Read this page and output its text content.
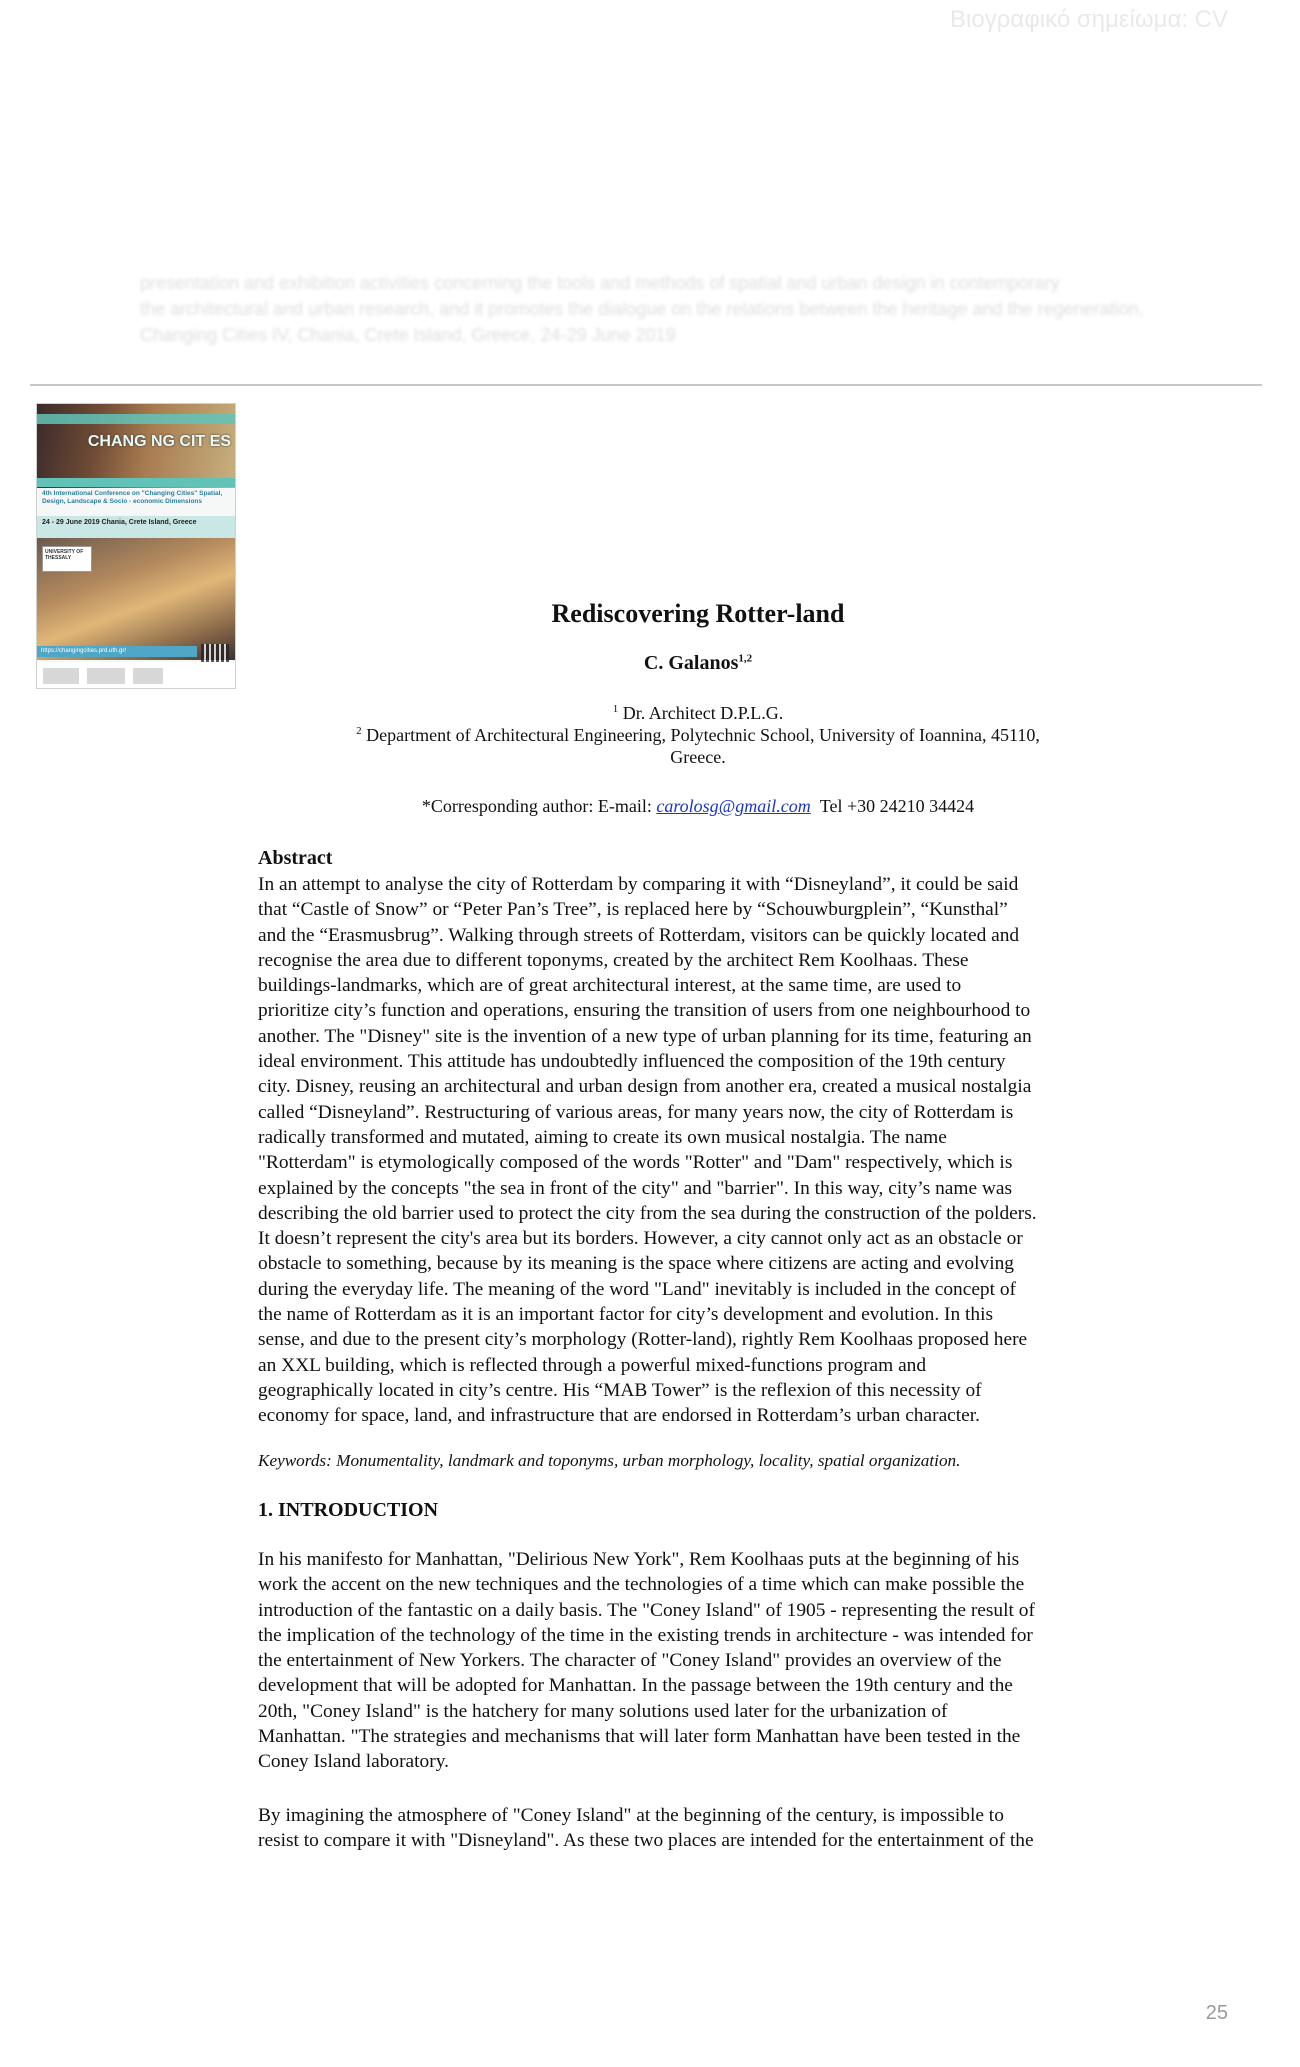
Βιογραφικό σημείωμα: CV

presentation and exhibition activities concerning the tools and methods of spatial and urban design in contemporary

the architectural and urban research, and it promotes the dialogue on the relations between the heritage and the regeneration,

Changing Cities IV, Chania, Crete Island, Greece, 24-29 June 2019

CHANG NG CIT ES
4th International Conference on "Changing Cities" Spatial, Design, Landscape & Socio - economic Dimensions
24 - 29 June 2019 Chania, Crete Island, Greece
UNIVERSITY OF THESSALY
https://changingcities.prd.uth.gr/
Rediscovering Rotter-land
C. Galanos$^{1,2}$
$^1$ Dr. Architect D.P.L.G.
$^2$ Department of Architectural Engineering, Polytechnic School, University of Ioannina, 45110,
Greece.
*Corresponding author: E-mail: carolosg@gmail.com Tel +30 24210 34424
Abstract
In an attempt to analyse the city of Rotterdam by comparing it with “Disneyland”, it could be said
that “Castle of Snow” or “Peter Pan’s Tree”, is replaced here by “Schouwburgplein”, “Kunsthal”
and the “Erasmusbrug”. Walking through streets of Rotterdam, visitors can be quickly located and
recognise the area due to different toponyms, created by the architect Rem Koolhaas. These
buildings-landmarks, which are of great architectural interest, at the same time, are used to
prioritize city’s function and operations, ensuring the transition of users from one neighbourhood to
another. The "Disney" site is the invention of a new type of urban planning for its time, featuring an
ideal environment. This attitude has undoubtedly influenced the composition of the 19th century
city. Disney, reusing an architectural and urban design from another era, created a musical nostalgia
called “Disneyland”. Restructuring of various areas, for many years now, the city of Rotterdam is
radically transformed and mutated, aiming to create its own musical nostalgia. The name
"Rotterdam" is etymologically composed of the words "Rotter" and "Dam" respectively, which is
explained by the concepts "the sea in front of the city" and "barrier". In this way, city’s name was
describing the old barrier used to protect the city from the sea during the construction of the polders.
It doesn’t represent the city's area but its borders. However, a city cannot only act as an obstacle or
obstacle to something, because by its meaning is the space where citizens are acting and evolving
during the everyday life. The meaning of the word "Land" inevitably is included in the concept of
the name of Rotterdam as it is an important factor for city’s development and evolution. In this
sense, and due to the present city’s morphology (Rotter-land), rightly Rem Koolhaas proposed here
an XXL building, which is reflected through a powerful mixed-functions program and
geographically located in city’s centre. His “MAB Tower” is the reflexion of this necessity of
economy for space, land, and infrastructure that are endorsed in Rotterdam’s urban character.
Keywords: Monumentality, landmark and toponyms, urban morphology, locality, spatial organization.
1. INTRODUCTION
In his manifesto for Manhattan, "Delirious New York", Rem Koolhaas puts at the beginning of his
work the accent on the new techniques and the technologies of a time which can make possible the
introduction of the fantastic on a daily basis. The "Coney Island" of 1905 - representing the result of
the implication of the technology of the time in the existing trends in architecture - was intended for
the entertainment of New Yorkers. The character of "Coney Island" provides an overview of the
development that will be adopted for Manhattan. In the passage between the 19th century and the
20th, "Coney Island" is the hatchery for many solutions used later for the urbanization of
Manhattan. "The strategies and mechanisms that will later form Manhattan have been tested in the
Coney Island laboratory.
By imagining the atmosphere of "Coney Island" at the beginning of the century, is impossible to
resist to compare it with "Disneyland". As these two places are intended for the entertainment of the
25
